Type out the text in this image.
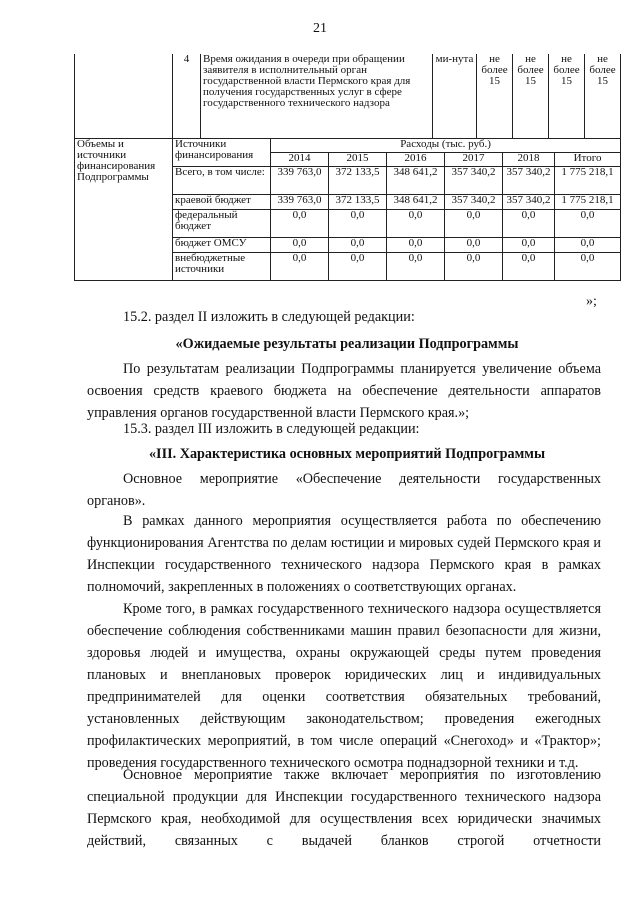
21
	4	Время ожидания в очереди при обращении заявителя в исполнительный орган государственной власти Пермского края для получения государственных услуг в сфере государственного технического надзора	ми-нута	не более 15	не более 15	не более 15	не более 15
Объемы и источники финансирования Подпрограммы	Источники финансирования	Расходы (тыс. руб.)					
		2014	2015	2016	2017	2018	Итого
	Всего, в том числе:	339 763,0	372 133,5	348 641,2	357 340,2	357 340,2	1 775 218,1
	краевой бюджет	339 763,0	372 133,5	348 641,2	357 340,2	357 340,2	1 775 218,1
	федеральный бюджет	0,0	0,0	0,0	0,0	0,0	0,0
	бюджет ОМСУ	0,0	0,0	0,0	0,0	0,0	0,0
	внебюджетные источники	0,0	0,0	0,0	0,0	0,0	0,0
»;
15.2. раздел II изложить в следующей редакции:
«Ожидаемые результаты реализации Подпрограммы
По результатам реализации Подпрограммы планируется увеличение объема освоения средств краевого бюджета на обеспечение деятельности аппаратов управления органов государственной власти Пермского края.»;
15.3. раздел III изложить в следующей редакции:
«III. Характеристика основных мероприятий Подпрограммы
Основное мероприятие «Обеспечение деятельности государственных органов».
В рамках данного мероприятия осуществляется работа по обеспечению функционирования Агентства по делам юстиции и мировых судей Пермского края и Инспекции государственного технического надзора Пермского края в рамках полномочий, закрепленных в положениях о соответствующих органах.
Кроме того, в рамках государственного технического надзора осуществляется обеспечение соблюдения собственниками машин правил безопасности для жизни, здоровья людей и имущества, охраны окружающей среды путем проведения плановых и внеплановых проверок юридических лиц и индивидуальных предпринимателей для оценки соответствия обязательных требований, установленных действующим законодательством; проведения ежегодных профилактических мероприятий, в том числе операций «Снегоход» и «Трактор»; проведения государственного технического осмотра поднадзорной техники и т.д.
Основное мероприятие также включает мероприятия по изготовлению специальной продукции для Инспекции государственного технического надзора Пермского края, необходимой для осуществления всех юридически значимых действий, связанных с выдачей бланков строгой отчетности
